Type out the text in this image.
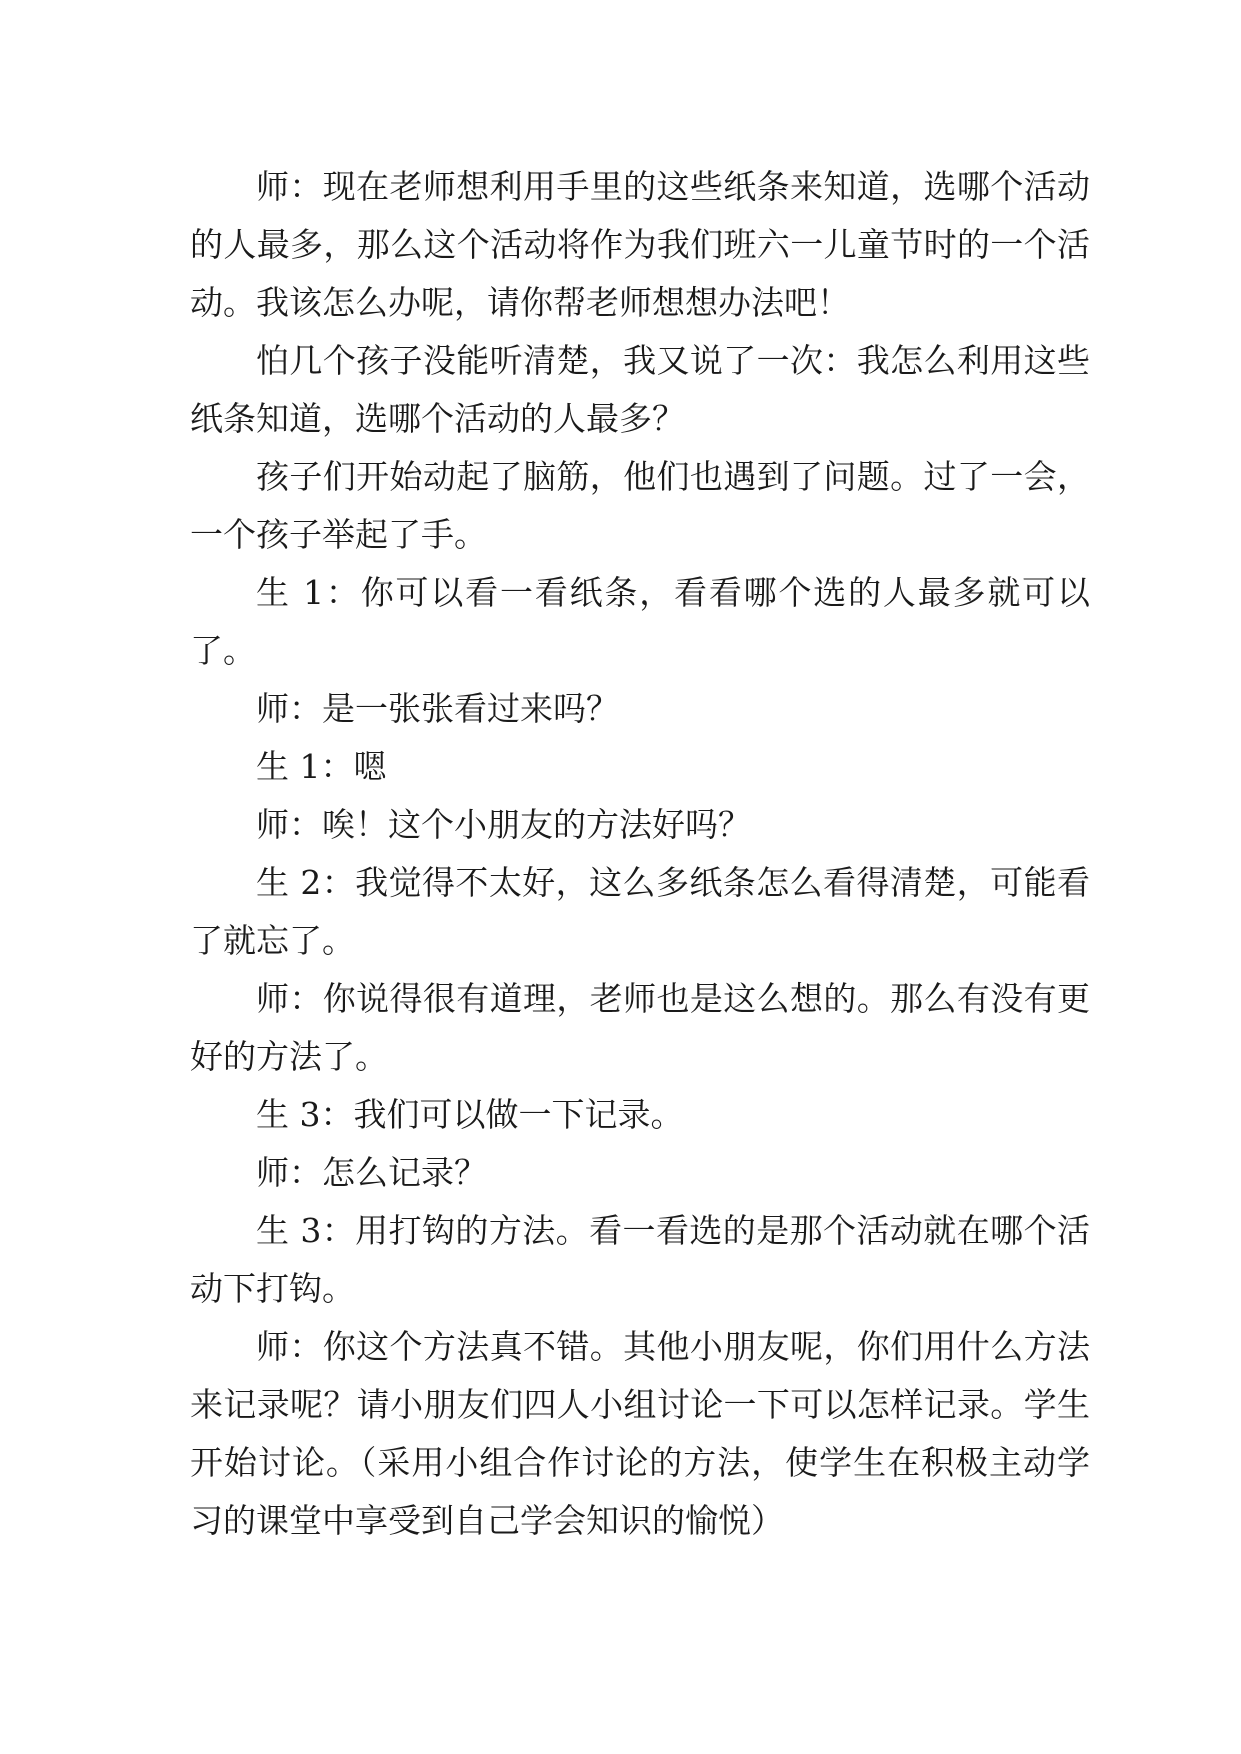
师：现在老师想利用手里的这些纸条来知道，选哪个活动的人最多，那么这个活动将作为我们班六一儿童节时的一个活动。我该怎么办呢，请你帮老师想想办法吧！

怕几个孩子没能听清楚，我又说了一次：我怎么利用这些纸条知道，选哪个活动的人最多？

孩子们开始动起了脑筋，他们也遇到了问题。过了一会，一个孩子举起了手。

生 1：你可以看一看纸条，看看哪个选的人最多就可以了。

师：是一张张看过来吗？

生 1：嗯

师：唉！这个小朋友的方法好吗？

生 2：我觉得不太好，这么多纸条怎么看得清楚，可能看了就忘了。

师：你说得很有道理，老师也是这么想的。那么有没有更好的方法了。

生 3：我们可以做一下记录。

师：怎么记录？

生 3：用打钩的方法。看一看选的是那个活动就在哪个活动下打钩。

师：你这个方法真不错。其他小朋友呢，你们用什么方法来记录呢？请小朋友们四人小组讨论一下可以怎样记录。学生开始讨论。（采用小组合作讨论的方法，使学生在积极主动学习的课堂中享受到自己学会知识的愉悦）
